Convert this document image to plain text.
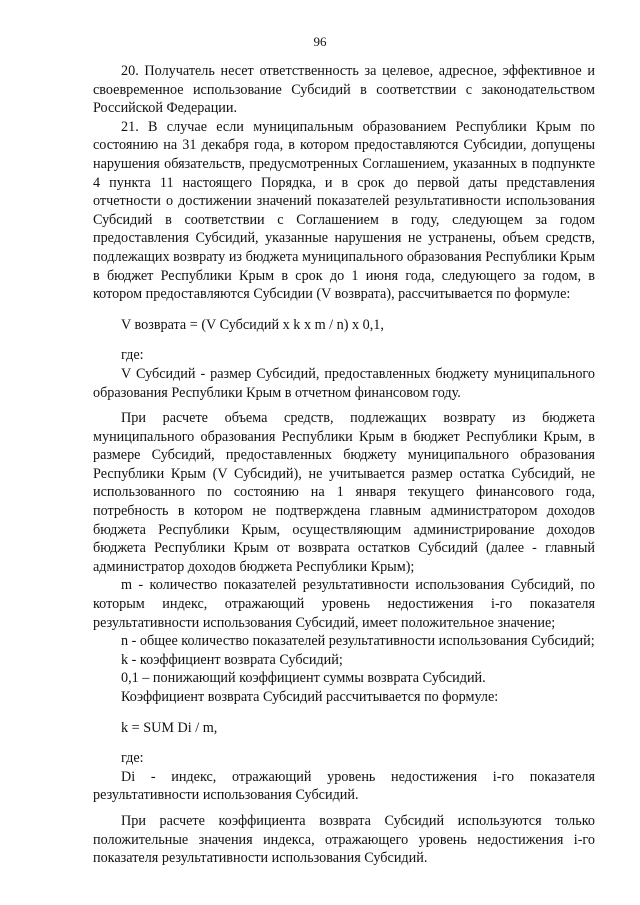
96

20. Получатель несет ответственность за целевое, адресное, эффективное и своевременное использование Субсидий в соответствии с законодательством Российской Федерации.

21. В случае если муниципальным образованием Республики Крым по состоянию на 31 декабря года, в котором предоставляются Субсидии, допущены нарушения обязательств, предусмотренных Соглашением, указанных в подпункте 4 пункта 11 настоящего Порядка, и в срок до первой даты представления отчетности о достижении значений показателей результативности использования Субсидий в соответствии с Соглашением в году, следующем за годом предоставления Субсидий, указанные нарушения не устранены, объем средств, подлежащих возврату из бюджета муниципального образования Республики Крым в бюджет Республики Крым в срок до 1 июня года, следующего за годом, в котором предоставляются Субсидии (V возврата), рассчитывается по формуле:

V возврата = (V Субсидий x k x m / n) x 0,1,

где:

V Субсидий - размер Субсидий, предоставленных бюджету муниципального образования Республики Крым в отчетном финансовом году.

При расчете объема средств, подлежащих возврату из бюджета муниципального образования Республики Крым в бюджет Республики Крым, в размере Субсидий, предоставленных бюджету муниципального образования Республики Крым (V Субсидий), не учитывается размер остатка Субсидий, не использованного по состоянию на 1 января текущего финансового года, потребность в котором не подтверждена главным администратором доходов бюджета Республики Крым, осуществляющим администрирование доходов бюджета Республики Крым от возврата остатков Субсидий (далее - главный администратор доходов бюджета Республики Крым);

m - количество показателей результативности использования Субсидий, по которым индекс, отражающий уровень недостижения i-го показателя результативности использования Субсидий, имеет положительное значение;

n - общее количество показателей результативности использования Субсидий;

k - коэффициент возврата Субсидий;

0,1 – понижающий коэффициент суммы возврата Субсидий.

Коэффициент возврата Субсидий рассчитывается по формуле:

k = SUM Di / m,

где:

Di - индекс, отражающий уровень недостижения i-го показателя результативности использования Субсидий.

При расчете коэффициента возврата Субсидий используются только положительные значения индекса, отражающего уровень недостижения i-го показателя результативности использования Субсидий.
